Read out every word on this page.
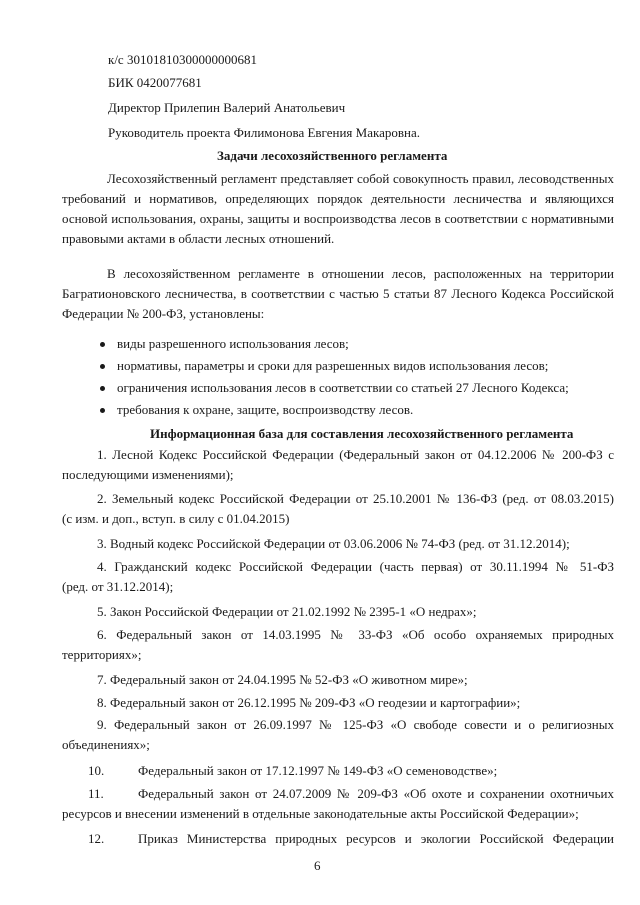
к/с 30101810300000000681
БИК 0420077681
Директор Прилепин Валерий Анатольевич
Руководитель проекта Филимонова Евгения Макаровна.
Задачи лесохозяйственного регламента
Лесохозяйственный регламент представляет собой совокупность правил, лесоводственных
требований и нормативов, определяющих порядок деятельности лесничества и являющихся
основой использования, охраны, защиты и воспроизводства лесов в соответствии с нормативными
правовыми актами в области лесных отношений.
В лесохозяйственном регламенте в отношении лесов, расположенных на территории
Багратионовского лесничества, в соответствии с частью 5 статьи 87 Лесного Кодекса Российской
Федерации № 200-ФЗ, установлены:
виды разрешенного использования лесов;
нормативы, параметры и сроки для разрешенных видов использования лесов;
ограничения использования лесов в соответствии со статьей 27 Лесного Кодекса;
требования к охране, защите, воспроизводству лесов.
Информационная база для составления лесохозяйственного регламента
1. Лесной Кодекс Российской Федерации (Федеральный закон от 04.12.2006 № 200-ФЗ с
последующими изменениями);
2. Земельный кодекс Российской Федерации от 25.10.2001 № 136-ФЗ (ред. от 08.03.2015)
(с изм. и доп., вступ. в силу с 01.04.2015)
3. Водный кодекс Российской Федерации от 03.06.2006 № 74-ФЗ (ред. от 31.12.2014);
4. Гражданский кодекс Российской Федерации (часть первая) от 30.11.1994 № 51-ФЗ
(ред. от 31.12.2014);
5. Закон Российской Федерации от 21.02.1992 № 2395-1 «О недрах»;
6. Федеральный закон от 14.03.1995 № 33-ФЗ «Об особо охраняемых природных
территориях»;
7. Федеральный закон от 24.04.1995 № 52-ФЗ «О животном мире»;
8. Федеральный закон от 26.12.1995 № 209-ФЗ «О геодезии и картографии»;
9. Федеральный закон от 26.09.1997 № 125-ФЗ «О свободе совести и о религиозных
объединениях»;
10.	Федеральный закон от 17.12.1997 № 149-ФЗ «О семеноводстве»;
11.	Федеральный закон от 24.07.2009 № 209-ФЗ «Об охоте и сохранении охотничьих
ресурсов и внесении изменений в отдельные законодательные акты Российской Федерации»;
12.	Приказ Министерства природных ресурсов и экологии Российской Федерации
6
